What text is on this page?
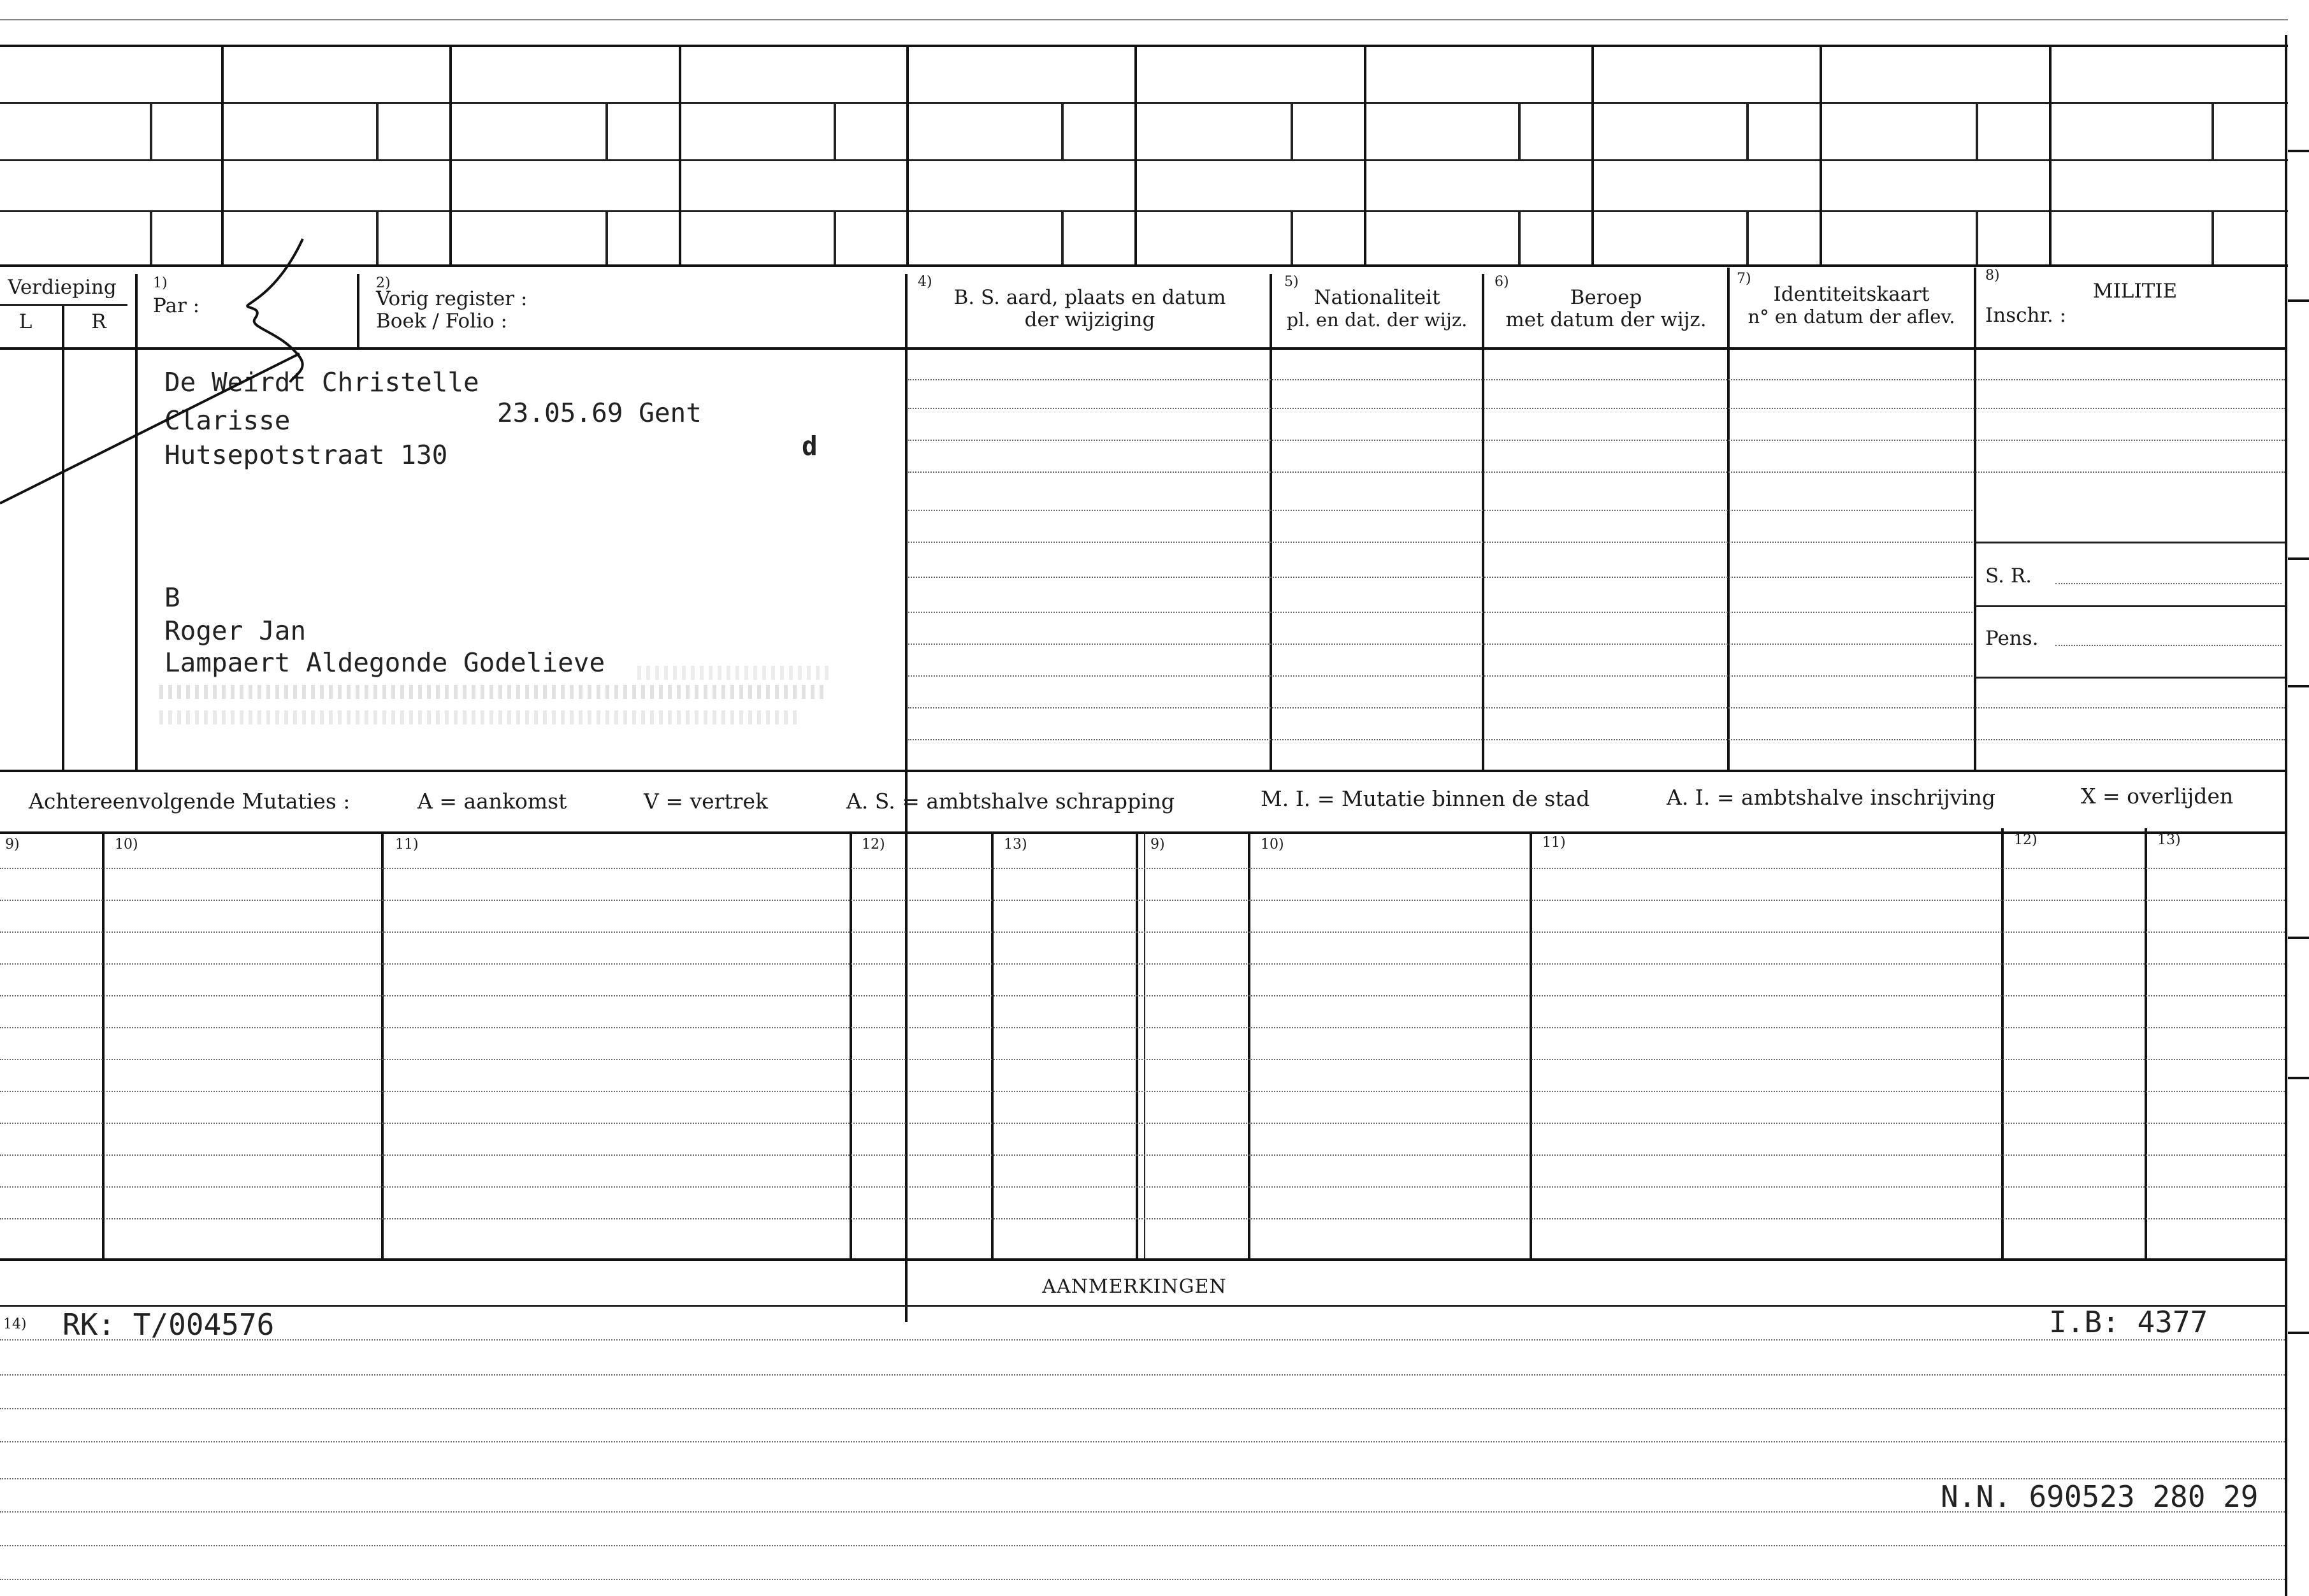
Verdieping
L	R
1)
Par :
2)
Vorig register :
Boek / Folio :
4)
B. S. aard, plaats en datum
der wijziging
5)
Nationaliteit
pl. en dat. der wijz.
6)
Beroep
met datum der wijz.
7)
Identiteitskaart
n° en datum der aflev.
8)
MILITIE
Inschr. :
S. R.
Pens.
De Weirdt Christelle
Clarisse	23.05.69 Gent
Hutsepotstraat 130	d
B
Roger Jan
Lampaert Aldegonde Godelieve
Achtereenvolgende Mutaties :	A = aankomst	V = vertrek	A. S. = ambtshalve schrapping	M. I. = Mutatie binnen de stad	A. I. = ambtshalve inschrijving	X = overlijden
9)	10)	11)	12)	13)	9)	10)	11)	12)	13)
AANMERKINGEN
14) RK: T/004576	I.B: 4377
N.N. 690523 280 29
